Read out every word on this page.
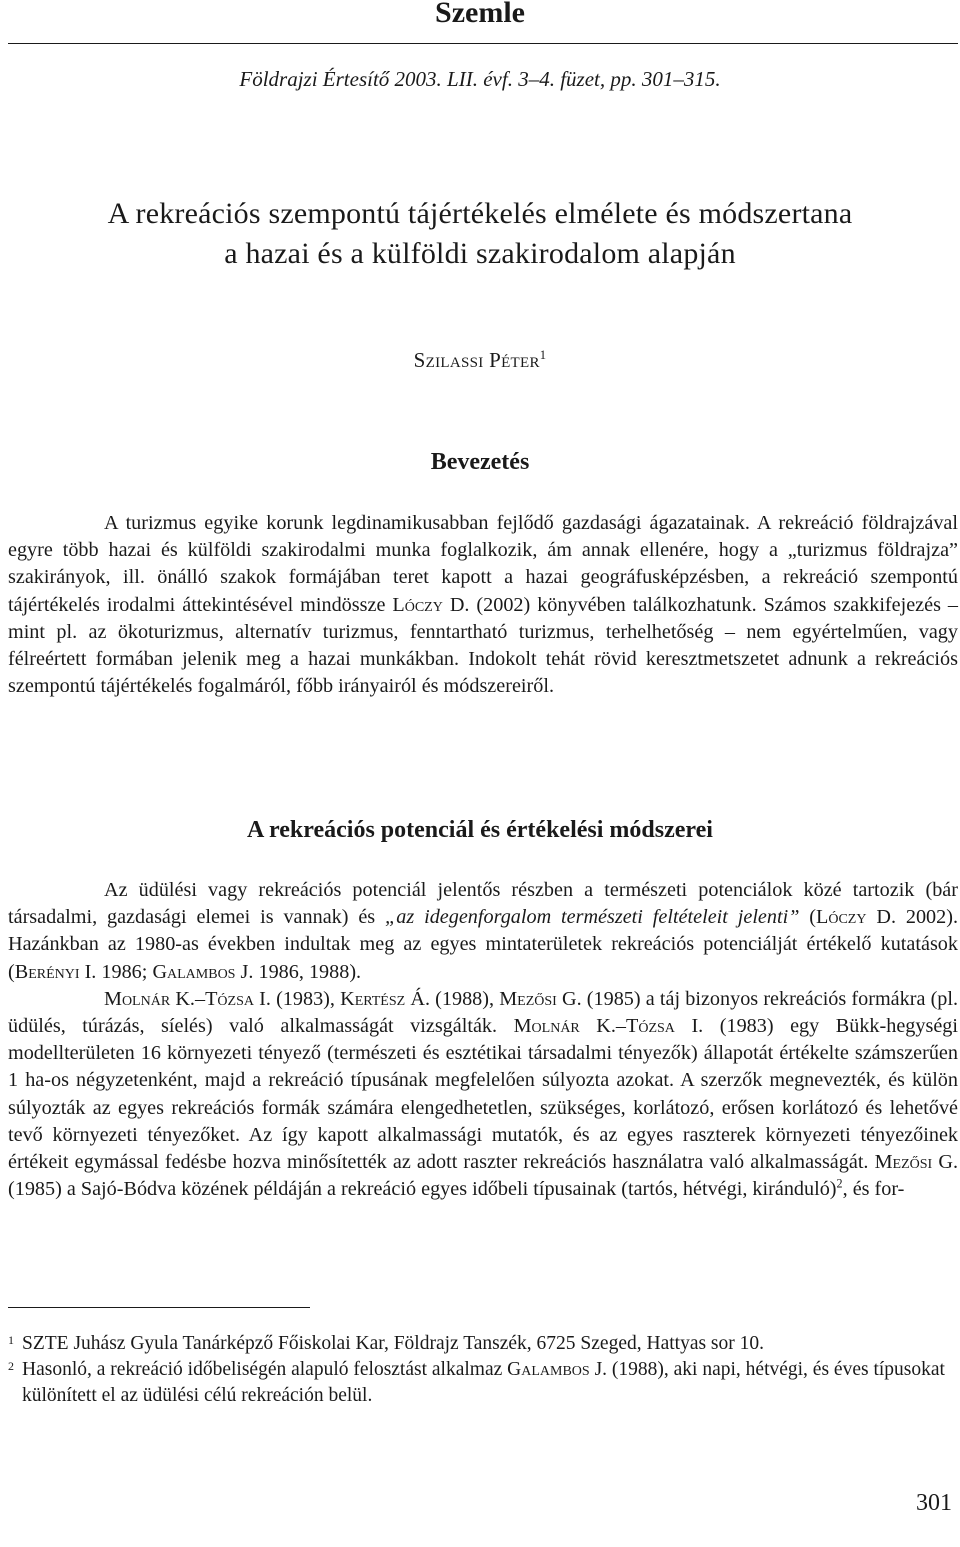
Szemle
Földrajzi Értesítő 2003. LII. évf. 3–4. füzet, pp. 301–315.
A rekreációs szempontú tájértékelés elmélete és módszertana
a hazai és a külföldi szakirodalom alapján
Szilassi Péter$^1$
Bevezetés

A turizmus egyike korunk legdinamikusabban fejlődő gazdasági ágazatainak. A rekreáció földrajzával egyre több hazai és külföldi szakirodalmi munka foglalkozik, ám annak ellenére, hogy a „turizmus földrajza” szakirányok, ill. önálló szakok formájában teret kapott a hazai geográfusképzésben, a rekreáció szempontú tájértékelés irodalmi áttekintésével mindössze Lóczy D. (2002) könyvében találkozhatunk. Számos szakkifejezés – mint pl. az ökoturizmus, alternatív turizmus, fenntartható turizmus, terhelhetőség – nem egyértelműen, vagy félreértett formában jelenik meg a hazai munkákban. Indokolt tehát rövid keresztmetszetet adnunk a rekreációs szempontú tájértékelés fogalmáról, főbb irányairól és módszereiről.

A rekreációs potenciál és értékelési módszerei

Az üdülési vagy rekreációs potenciál jelentős részben a természeti potenciálok közé tartozik (bár társadalmi, gazdasági elemei is vannak) és „az idegenforgalom természeti feltételeit jelenti” (Lóczy D. 2002). Hazánkban az 1980-as években indultak meg az egyes mintaterületek rekreációs potenciálját értékelő kutatások (Berényi I. 1986; Galambos J. 1986, 1988).

Molnár K.–Tózsa I. (1983), Kertész Á. (1988), Mezősi G. (1985) a táj bizonyos rekreációs formákra (pl. üdülés, túrázás, síelés) való alkalmasságát vizsgálták. Molnár K.–Tózsa I. (1983) egy Bükk-hegységi modellterületen 16 környezeti tényező (természeti és esztétikai társadalmi tényezők) állapotát értékelte számszerűen 1 ha-os négyzetenként, majd a rekreáció típusának megfelelően súlyozta azokat. A szerzők megnevezték, és külön súlyozták az egyes rekreációs formák számára elengedhetetlen, szükséges, korlátozó, erősen korlátozó és lehetővé tevő környezeti tényezőket. Az így kapott alkalmassági mutatók, és az egyes raszterek környezeti tényezőinek értékeit egymással fedésbe hozva minősítették az adott raszter rekreációs használatra való alkalmasságát. Mezősi G. (1985) a Sajó-Bódva közének példáján a rekreáció egyes időbeli típusainak (tartós, hétvégi, kiránduló)$^2$, és for-

1 SZTE Juhász Gyula Tanárképző Főiskolai Kar, Földrajz Tanszék, 6725 Szeged, Hattyas sor 10.
2 Hasonló, a rekreáció időbeliségén alapuló felosztást alkalmaz Galambos J. (1988), aki napi, hétvégi, és éves típusokat különített el az üdülési célú rekreáción belül.
301
